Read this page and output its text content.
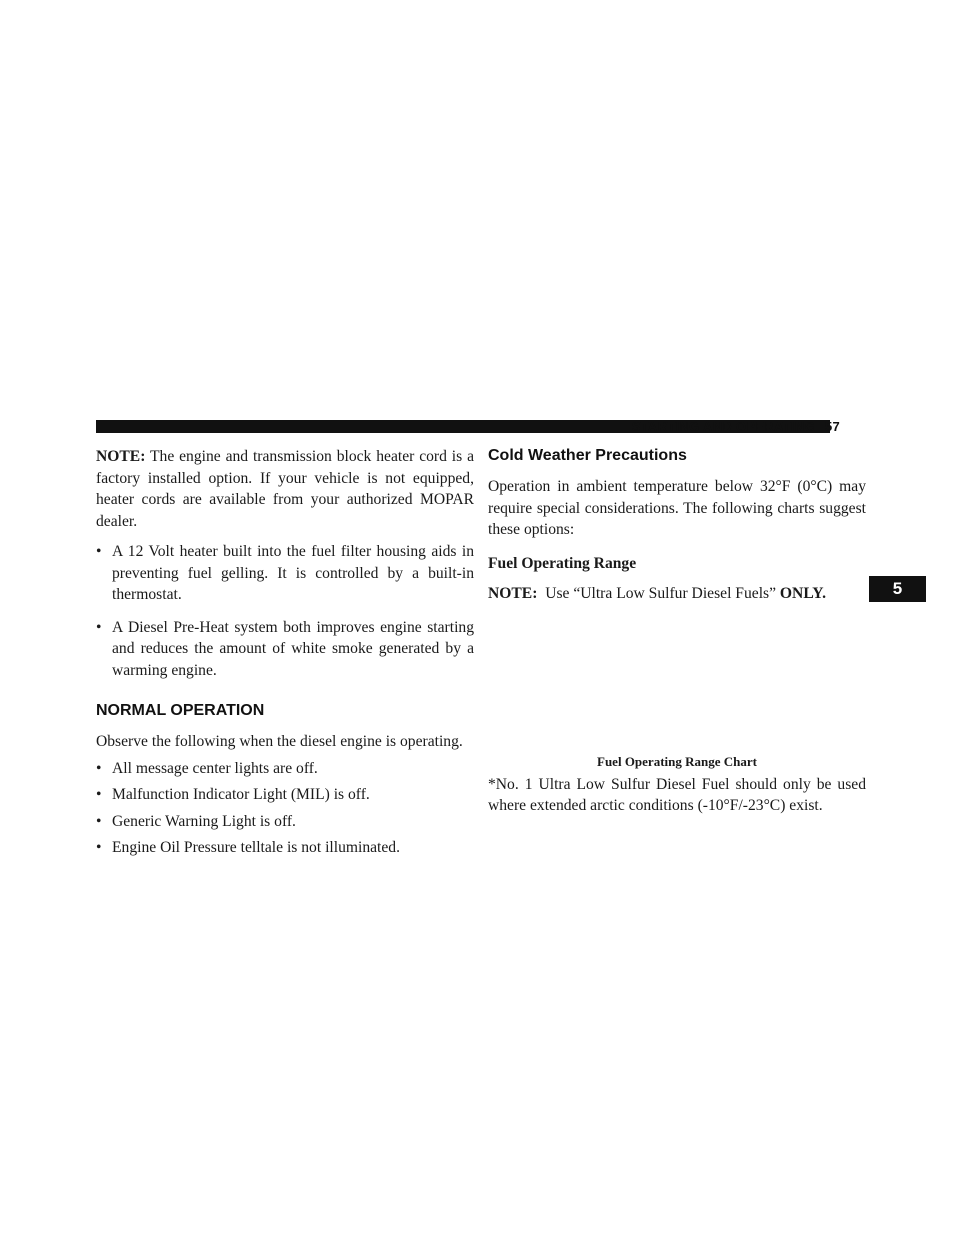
STARTING AND OPERATING 57
5

NOTE: The engine and transmission block heater cord is a factory installed option. If your vehicle is not equipped, heater cords are available from your authorized MOPAR dealer.

• A 12 Volt heater built into the fuel filter housing aids in preventing fuel gelling. It is controlled by a built-in thermostat.
• A Diesel Pre-Heat system both improves engine starting and reduces the amount of white smoke generated by a warming engine.
NORMAL OPERATION

Observe the following when the diesel engine is operating.

• All message center lights are off.
• Malfunction Indicator Light (MIL) is off.
• Generic Warning Light is off.
• Engine Oil Pressure telltale is not illuminated.
Cold Weather Precautions

Operation in ambient temperature below 32°F (0°C) may require special considerations. The following charts suggest these options:

Fuel Operating Range

NOTE: Use “Ultra Low Sulfur Diesel Fuels” ONLY.

Fuel Operating Range Chart

*No. 1 Ultra Low Sulfur Diesel Fuel should only be used where extended arctic conditions (-10°F/-23°C) exist.
